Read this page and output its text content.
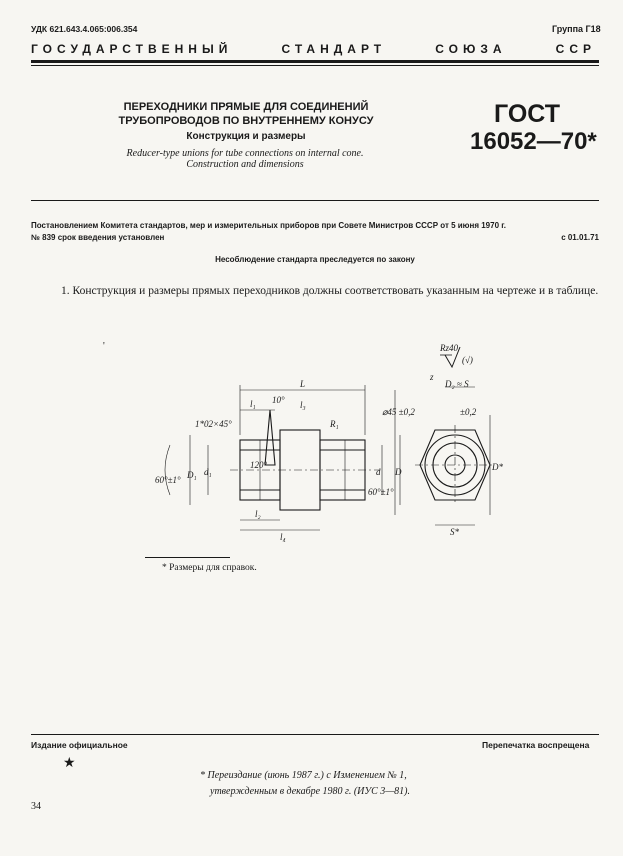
УДК 621.643.4.065:006.354	Группа Г18
ГОСУДАРСТВЕННЫЙ	СТАНДАРТ	СОЮЗА	ССР
ПЕРЕХОДНИКИ ПРЯМЫЕ ДЛЯ СОЕДИНЕНИЙ
ТРУБОПРОВОДОВ ПО ВНУТРЕННЕМУ КОНУСУ
Конструкция и размеры
Reducer-type unions for tube connections on internal cone.
Construction and dimensions
ГОСТ
16052—70*
Постановлением Комитета стандартов, мер и измерительных приборов при Совете Министров СССР от 5 июня 1970 г.
№ 839 срок введения установлен	с 01.01.71
Несоблюдение стандарта преследуется по закону
1. Конструкция и размеры прямых переходников должны соответствовать указанным на чертеже и в таблице.
'	Rz40
(√)
L
l₁ 10° l₃
1*02×45°	R₁
D₁ d₁
120°
d D
60°±1°
60°±1°
l₂
l₄
D₂ ≈ S
⌀45 ±0,2	±0,2
S*
D*
z
* Размеры для справок.
Издание официальное	Перепечатка воспрещена
★
* Переиздание (июнь 1987 г.) с Изменением № 1,
утвержденным в декабре 1980 г. (ИУС 3—81).
34
